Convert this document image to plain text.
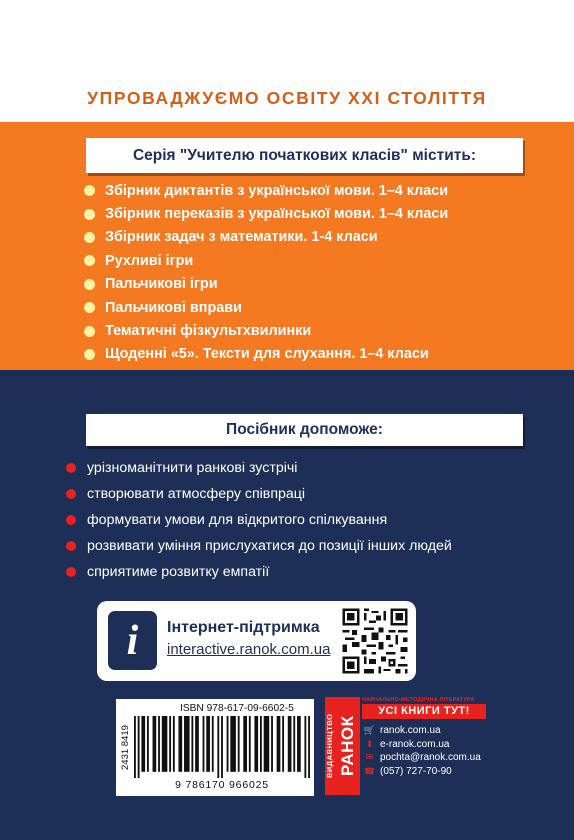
УПРОВАДЖУЄМО ОСВІТУ XXI СТОЛІТТЯ
Серія "Учителю початкових класів" містить:
Збірник диктантів з української мови. 1–4 класи
Збірник переказів з української мови. 1–4 класи
Збірник задач з математики. 1-4 класи
Рухливі ігри
Пальчикові ігри
Пальчикові вправи
Тематичні фізкультхвилинки
Щоденні «5». Тексти для слухання. 1–4 класи
Посібник допоможе:
урізноманітнити ранкові зустрічі
створювати атмосферу співпраці
формувати умови для відкритого спілкування
розвивати уміння прислухатися до позиції інших людей
сприятиме розвитку емпатії
i Інтернет-підтримка
interactive.ranok.com.ua
ISBN 978-617-09-6602-5
2431 8419
9 786170 966025
ВИДАВНИЦТВО РАНОК
НАВЧАЛЬНО-МЕТОДИЧНА ЛІТЕРАТУРА
УСІ КНИГИ ТУТ!
🛒 ranok.com.ua
⬇ e-ranok.com.ua
✉ pochta@ranok.com.ua
☎ (057) 727-70-90
